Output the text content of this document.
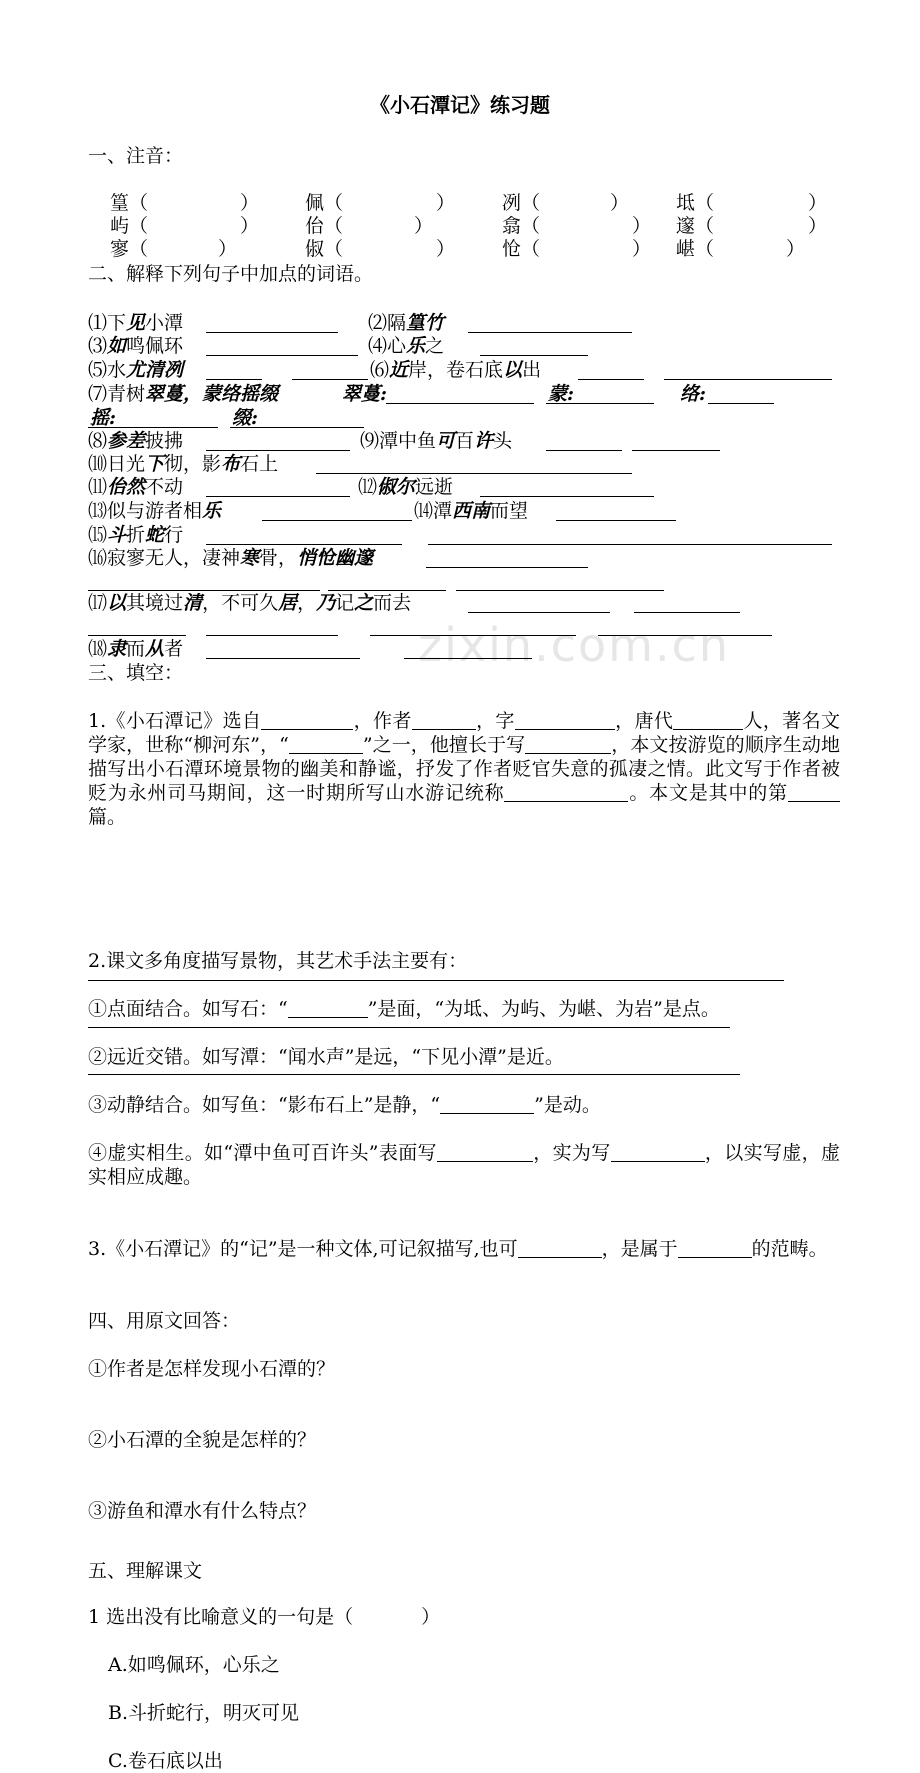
zixin.com.cn
《小石潭记》练习题
一、注音：
篁（	） 佩（	） 冽（	） 坻（	）
屿（	） 佁（	）	翕（	） 邃（	）
寥（	）	俶（	） 怆（	） 嵁（	）
二、解释下列句子中加点的词语。
⑴下见小潭	⑵隔篁竹
⑶如鸣佩环	⑷心乐之
⑸水尤清冽	⑹近岸，卷石底以出
⑺青树翠蔓，蒙络摇缀	翠蔓:	蒙:	络:
摇:	缀:
⑻参差披拂	⑼潭中鱼可百许头
⑽日光下彻，影布石上
⑾佁然不动	⑿俶尔远逝
⒀似与游者相乐	⒁潭西南而望
⒂斗折蛇行
⒃寂寥无人，凄神寒骨，悄怆幽邃
⒄以其境过清，不可久居，乃记之而去
⒅隶而从者
三、填空：
1.《小石潭记》选自	，作者	，字	，唐代	人，著名文学家，世称“柳河东”，“	”之一，他擅长于写	，本文按游览的顺序生动地描写出小石潭环境景物的幽美和静谧，抒发了作者贬官失意的孤凄之情。此文写于作者被贬为永州司马期间，这一时期所写山水游记统称	。本文是其中的第篇。
2.课文多角度描写景物，其艺术手法主要有：
①点面结合。如写石：“	”是面，“为坻、为屿、为嵁、为岩”是点。
②远近交错。如写潭：“闻水声”是远，“下见小潭”是近。
③动静结合。如写鱼：“影布石上”是静，“	”是动。
④虚实相生。如“潭中鱼可百许头”表面写	，实为写	，以实写虚，虚实相应成趣。
3.《小石潭记》的“记”是一种文体,可记叙描写,也可	，是属于	的范畴。
四、用原文回答：
①作者是怎样发现小石潭的？
②小石潭的全貌是怎样的？
③游鱼和潭水有什么特点？
五、理解课文
1 选出没有比喻意义的一句是（	）
A.如鸣佩环，心乐之
B.斗折蛇行，明灭可见
C.卷石底以出
